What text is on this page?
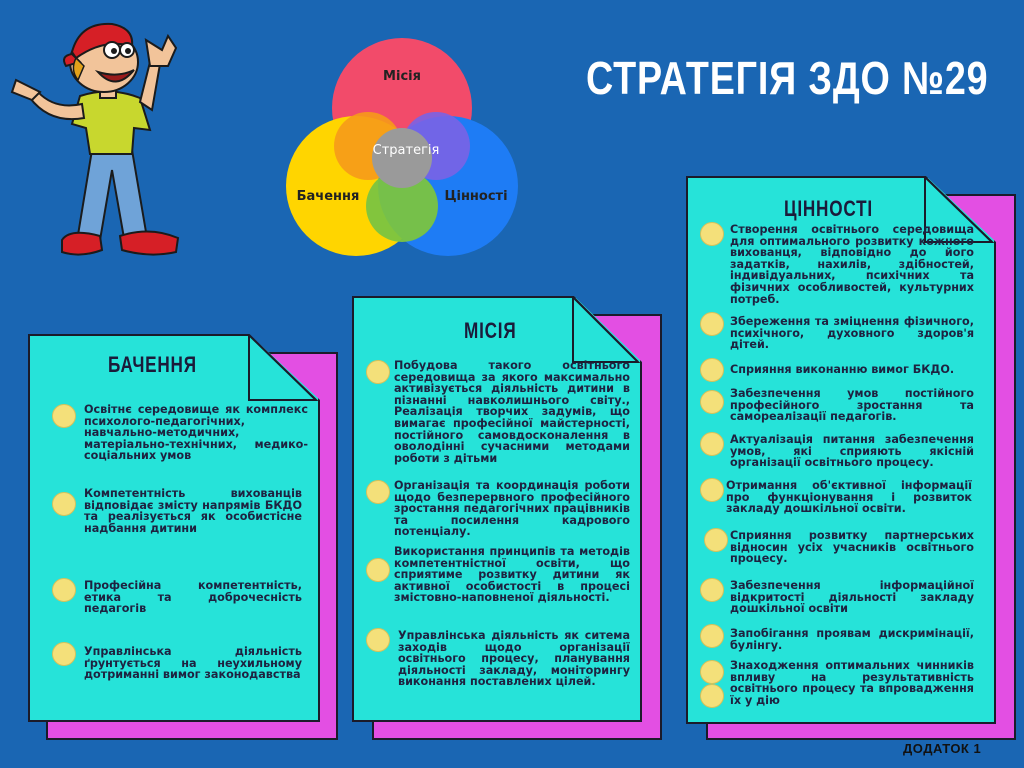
СТРАТЕГІЯ ЗДО №29
Місія
Стратегія
Бачення	Цінності
БАЧЕННЯ
Освітнє середовище як комплекс психолого-педагогічних, навчально-методичних, матеріально-технічних, медико-соціальних умов
Компетентність вихованців відповідає змісту напрямів БКДО та реалізується як особистісне надбання дитини
Професійна компетентність, етика та доброчесність педагогів
Управлінська діяльність ґрунтується на неухильному дотриманні вимог законодавства
МІСІЯ
Побудова такого освітнього середовища за якого максимально активізується діяльність дитини в пізнанні навколишнього світу., Реалізація творчих задумів, що вимагає професійної майстерності, постійного самовдосконалення в оволодінні сучасними методами роботи з дітьми
Організація та координація роботи щодо безперервного професійного зростання педагогічних працівників та посилення кадрового потенціалу.
Використання принципів та методів компетентністної освіти, що сприятиме розвитку дитини як активної особистості в процесі змістовно-наповненої діяльності.
Управлінська діяльність як ситема заходів щодо організації освітнього процесу, планування діяльності закладу, моніторингу виконання поставлених цілей.
ЦІННОСТІ
Створення освітнього середовища для оптимального розвитку кожного вихованця, відповідно до його задатків, нахилів, здібностей, індивідуальних, психічних та фізичних особливостей, культурних потреб.
Збереження та зміцнення фізичного, психічного, духовного здоров'я дітей.
Сприяння виконанню вимог БКДО.
Забезпечення умов постійного професійного зростання та самореалізації педагогів.
Актуалізація питання забезпечення умов, які сприяють якісній організації освітнього процесу.
Отримання об'єктивної інформації про функціонування і розвиток закладу дошкільної освіти.
Сприяння розвитку партнерських відносин усіх учасників освітнього процесу.
Забезпечення інформаційної відкритості діяльності закладу дошкільної освіти
Запобігання проявам дискримінації, булінгу.
Знаходження оптимальних чинників впливу на результативність освітнього процесу та впровадження їх у дію
ДОДАТОК 1
